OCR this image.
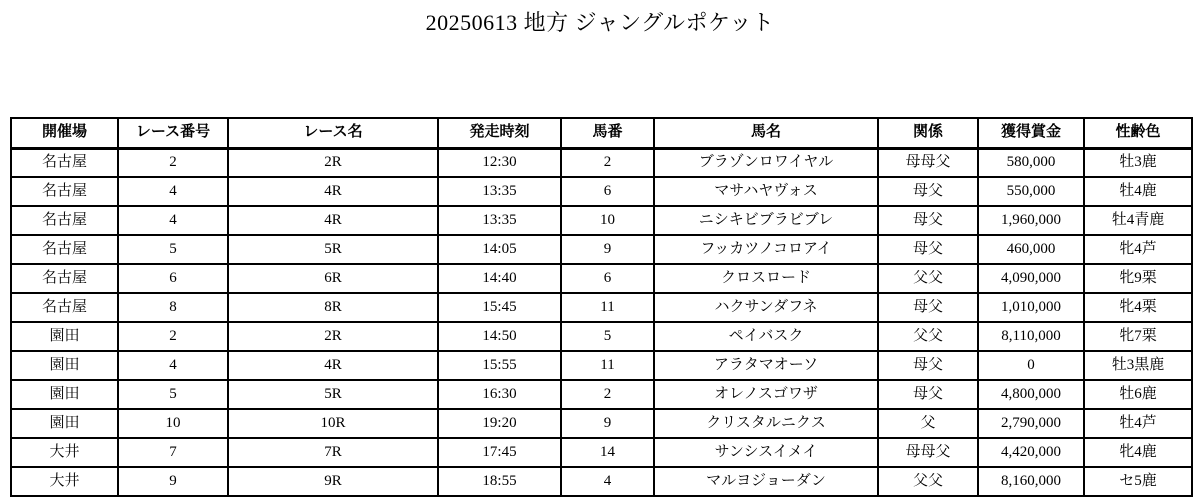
20250613 地方 ジャングルポケット
開催場	レース番号	レース名	発走時刻	馬番	馬名	関係	獲得賞金	性齢色
名古屋	2	2R	12:30	2	ブラゾンロワイヤル	母母父	580,000	牡3鹿
名古屋	4	4R	13:35	6	マサハヤヴォス	母父	550,000	牡4鹿
名古屋	4	4R	13:35	10	ニシキビブラビブレ	母父	1,960,000	牡4青鹿
名古屋	5	5R	14:05	9	フッカツノコロアイ	母父	460,000	牝4芦
名古屋	6	6R	14:40	6	クロスロード	父父	4,090,000	牝9栗
名古屋	8	8R	15:45	11	ハクサンダフネ	母父	1,010,000	牝4栗
園田	2	2R	14:50	5	ペイバスク	父父	8,110,000	牝7栗
園田	4	4R	15:55	11	アラタマオーソ	母父	0	牡3黒鹿
園田	5	5R	16:30	2	オレノスゴワザ	母父	4,800,000	牡6鹿
園田	10	10R	19:20	9	クリスタルニクス	父	2,790,000	牡4芦
大井	7	7R	17:45	14	サンシスイメイ	母母父	4,420,000	牝4鹿
大井	9	9R	18:55	4	マルヨジョーダン	父父	8,160,000	セ5鹿
